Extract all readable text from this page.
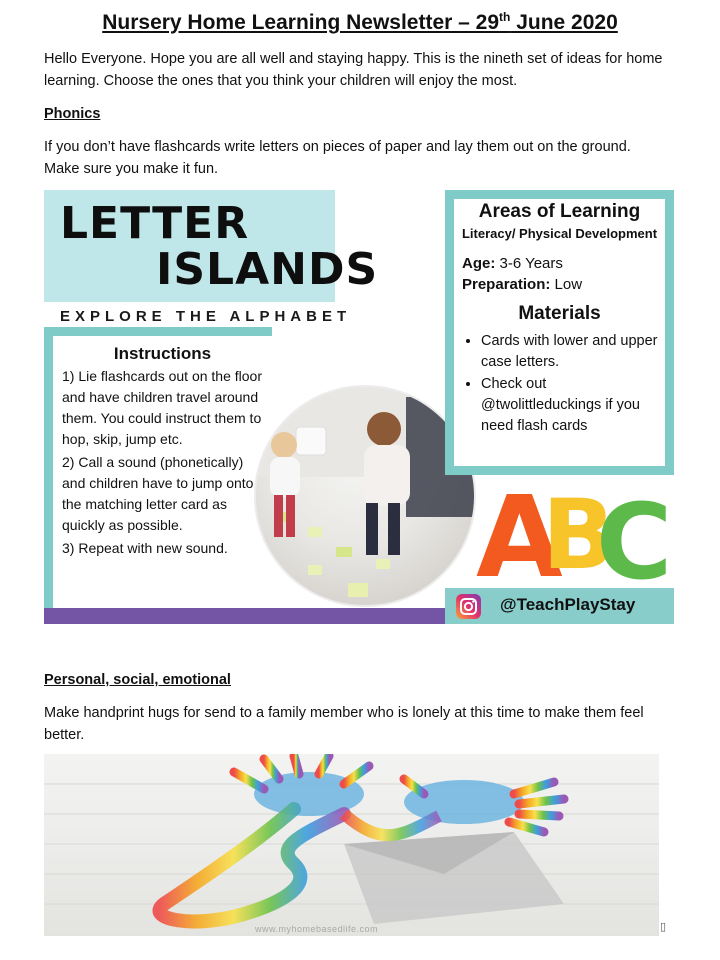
Nursery Home Learning Newsletter – 29th June 2020
Hello Everyone. Hope you are all well and staying happy. This is the nineth set of ideas for home learning. Choose the ones that you think your children will enjoy the most.
Phonics
If you don’t have flashcards write letters on pieces of paper and lay them out on the ground. Make sure you make it fun.
LETTER
ISLANDS
EXPLORE THE ALPHABET
Instructions
1) Lie flashcards out on the floor and have children travel around them. You could instruct them to hop, skip, jump etc.
2) Call a sound (phonetically) and children have to jump onto the matching letter card as quickly as possible.
3) Repeat with new sound.
Areas of Learning
Literacy/ Physical Development
Age: 3-6 Years
Preparation: Low
Materials
• Cards with lower and upper case letters.
• Check out @twolittleduckings if you need flash cards
A
B
C
@TeachPlayStay
Personal, social, emotional
Make handprint hugs for send to a family member who is lonely at this time to make them feel better.
www.myhomebasedlife.com	▯
